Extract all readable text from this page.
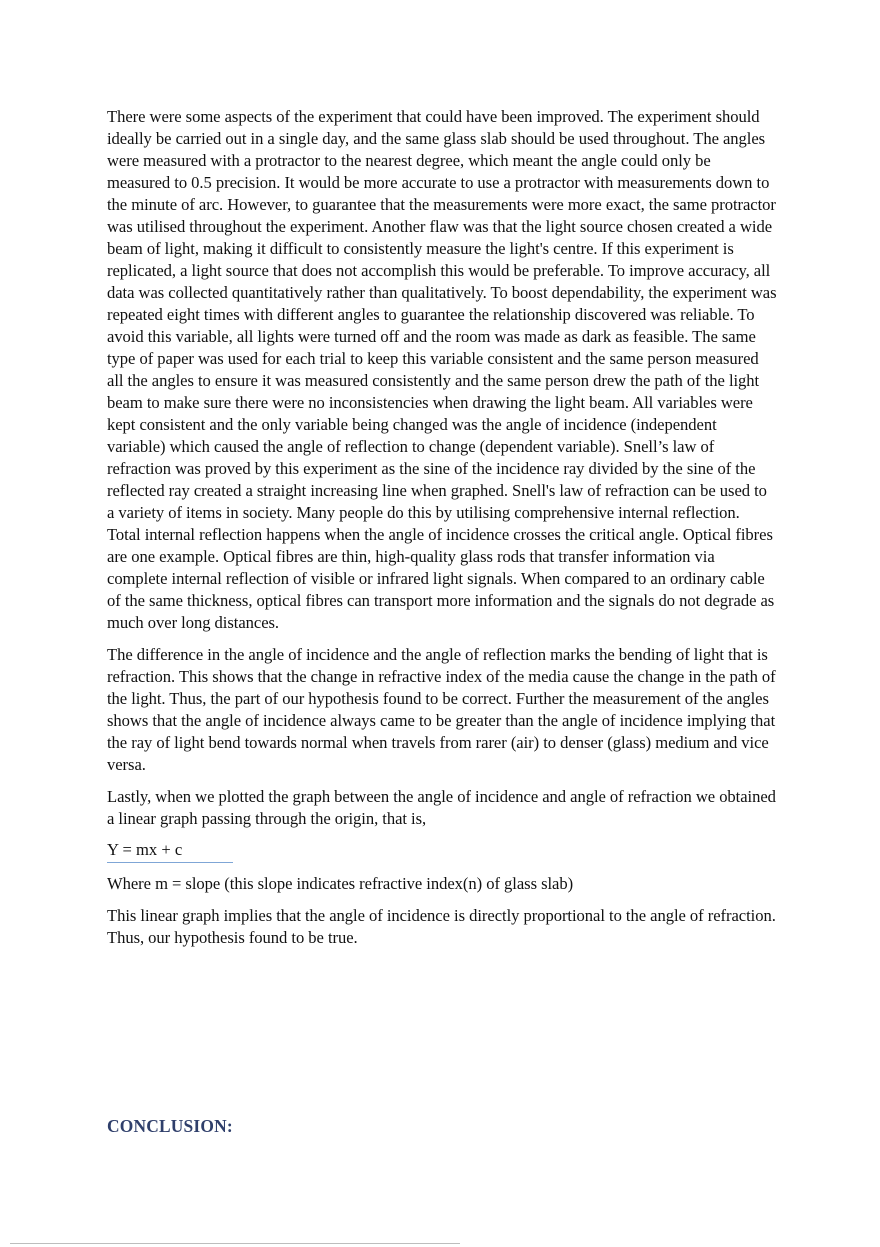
There were some aspects of the experiment that could have been improved. The experiment should ideally be carried out in a single day, and the same glass slab should be used throughout. The angles were measured with a protractor to the nearest degree, which meant the angle could only be measured to 0.5 precision. It would be more accurate to use a protractor with measurements down to the minute of arc. However, to guarantee that the measurements were more exact, the same protractor was utilised throughout the experiment. Another flaw was that the light source chosen created a wide beam of light, making it difficult to consistently measure the light's centre. If this experiment is replicated, a light source that does not accomplish this would be preferable. To improve accuracy, all data was collected quantitatively rather than qualitatively. To boost dependability, the experiment was repeated eight times with different angles to guarantee the relationship discovered was reliable. To avoid this variable, all lights were turned off and the room was made as dark as feasible. The same type of paper was used for each trial to keep this variable consistent and the same person measured all the angles to ensure it was measured consistently and the same person drew the path of the light beam to make sure there were no inconsistencies when drawing the light beam. All variables were kept consistent and the only variable being changed was the angle of incidence (independent variable) which caused the angle of reflection to change (dependent variable). Snell’s law of refraction was proved by this experiment as the sine of the incidence ray divided by the sine of the reflected ray created a straight increasing line when graphed. Snell's law of refraction can be used to a variety of items in society. Many people do this by utilising comprehensive internal reflection. Total internal reflection happens when the angle of incidence crosses the critical angle. Optical fibres are one example. Optical fibres are thin, high-quality glass rods that transfer information via complete internal reflection of visible or infrared light signals. When compared to an ordinary cable of the same thickness, optical fibres can transport more information and the signals do not degrade as much over long distances.

The difference in the angle of incidence and the angle of reflection marks the bending of light that is refraction. This shows that the change in refractive index of the media cause the change in the path of the light. Thus, the part of our hypothesis found to be correct. Further the measurement of the angles shows that the angle of incidence always came to be greater than the angle of incidence implying that the ray of light bend towards normal when travels from rarer (air) to denser (glass) medium and vice versa.

Lastly, when we plotted the graph between the angle of incidence and angle of refraction we obtained a linear graph passing through the origin, that is,

Y = mx + c

Where m = slope (this slope indicates refractive index(n) of glass slab)

This linear graph implies that the angle of incidence is directly proportional to the angle of refraction. Thus, our hypothesis found to be true.

CONCLUSION:
